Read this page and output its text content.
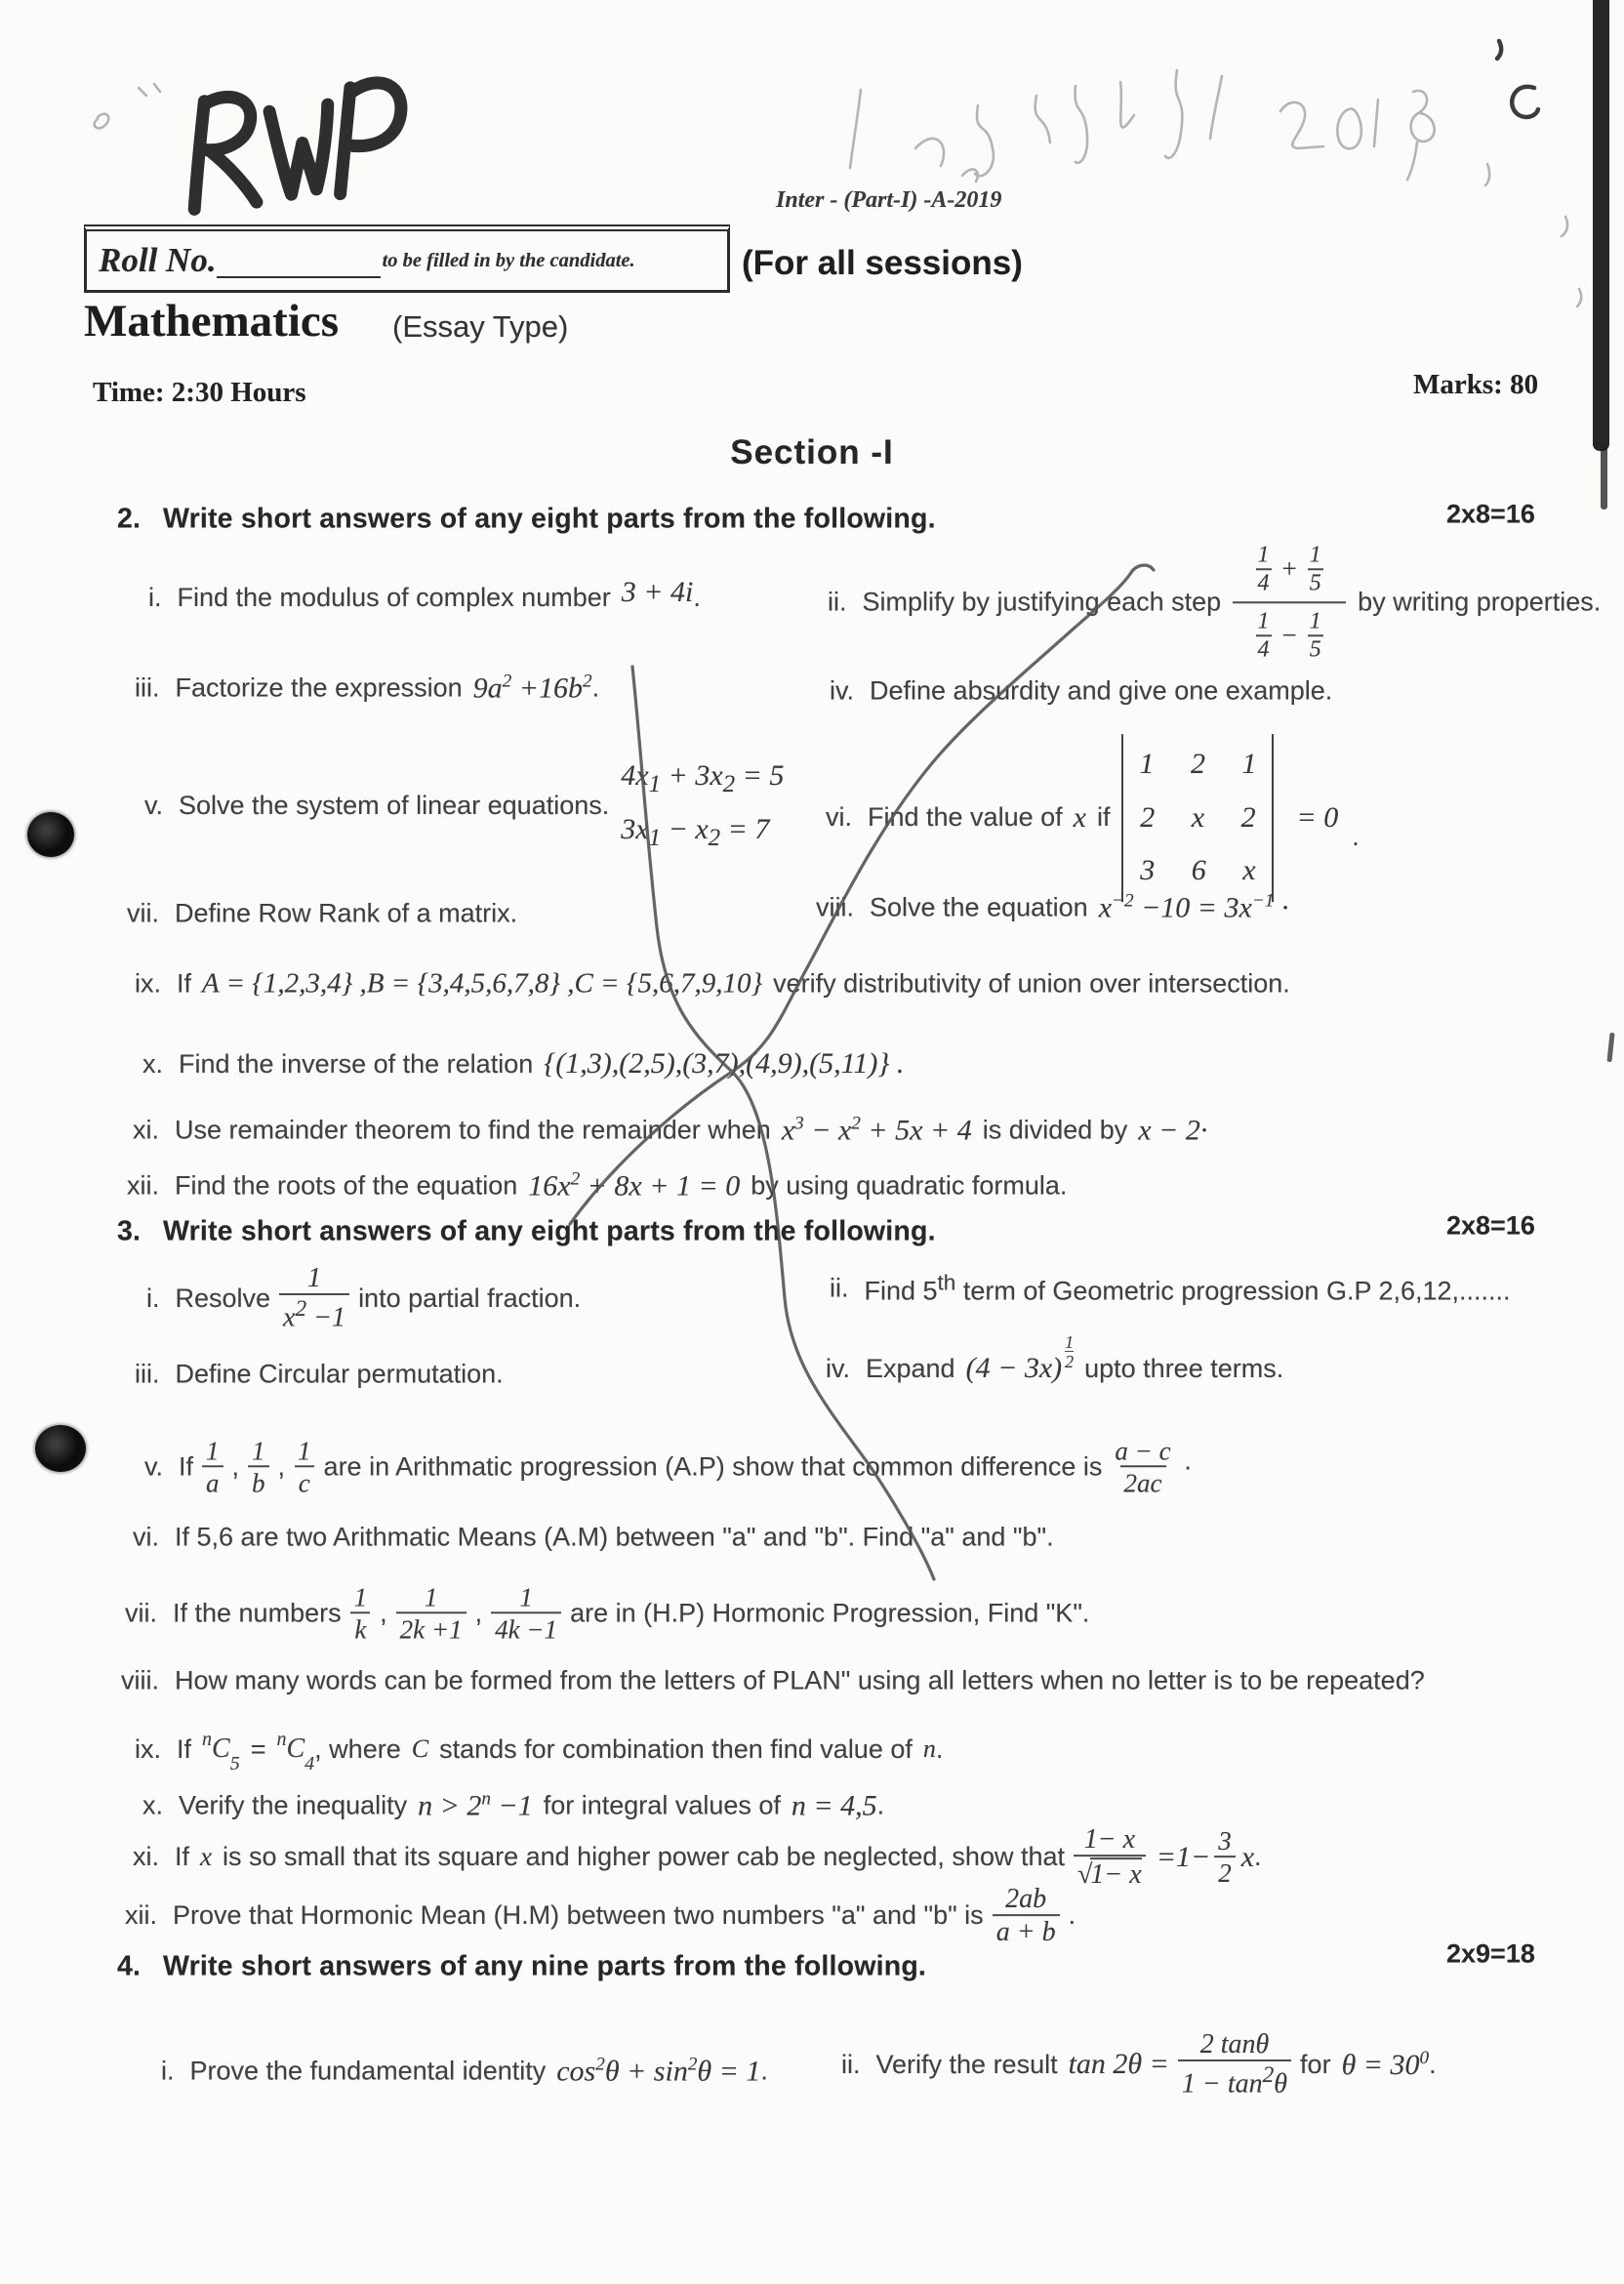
Inter - (Part-I) -A-2019
Roll No.	to be filled in by the candidate.	(For all sessions)
Mathematics (Essay Type)
Time: 2:30 Hours	Marks: 80
Section -I
2. Write short answers of any eight parts from the following.	2x8=16
i. Find the modulus of complex number 3 + 4i .	ii. Simplify by justifying each step
$\frac{1}{4} + \frac{1}{5}$
$\frac{1}{4} - \frac{1}{5}$
by writing properties.
iii. Factorize the expression $9a^2 +16b^2$ .	iv. Define absurdity and give one example.
v. Solve the system of linear equations.
$4x_1 + 3x_2 = 5$
$3x_1 - x_2 = 7$	vi. Find the value of x if
1 2 1
2 x 2
3 6 x
= 0
.
vii. Define Row Rank of a matrix.	viii. Solve the equation $x^{-2} -10 = 3x^{-1}$ ·
ix. If A = {1,2,3,4} ,B = {3,4,5,6,7,8} ,C = {5,6,7,9,10} verify distributivity of union over intersection.
x. Find the inverse of the relation {(1,3),(2,5),(3,7),(4,9),(5,11)} .
xi. Use remainder theorem to find the remainder when $x^3 - x^2 + 5x + 4$ is divided by x − 2·
xii. Find the roots of the equation $16x^2 + 8x + 1 = 0$ by using quadratic formula.
3. Write short answers of any eight parts from the following.	2x8=16
i. Resolve $\frac{1}{x^2 -1}$ into partial fraction.	ii. Find 5th term of Geometric progression G.P 2,6,12,.......
iii. Define Circular permutation.	iv. Expand $(4 - 3x) \frac{1}{2}$ upto three terms.
v. If $\frac{1}{a}$ , $\frac{1}{b}$ , $\frac{1}{c}$ are in Arithmatic progression (A.P) show that common difference is $\frac{a - c}{2ac}$ ·
vi. If 5,6 are two Arithmatic Means (A.M) between "a" and "b". Find "a" and "b".
vii. If the numbers $\frac{1}{k}$ , $\frac{1}{2k +1}$ , $\frac{1}{4k -1}$ are in (H.P) Hormonic Progression, Find "K".
viii. How many words can be formed from the letters of PLAN" using all letters when no letter is to be repeated?
ix. If nC5
= nC4
, where C stands for combination then find value of n .
x. Verify the inequality $n > 2^n -1$ for integral values of n = 4,5 .
xi. If x is so small that its square and higher power cab be neglected, show that $\frac{1- x}{√1- x} =1- \frac{3}{2}$ x .
xii. Prove that Hormonic Mean (H.M) between two numbers "a" and "b" is $\frac{2ab}{a + b}$ .
4. Write short answers of any nine parts from the following.	2x9=18
i. Prove the fundamental identity $\cos^2\theta + \sin^2\theta = 1$ .	ii. Verify the result $\tan 2\theta = \frac{2 \tan\theta}{1 - \tan^2\theta}$ for $\theta = 30^0$ .
